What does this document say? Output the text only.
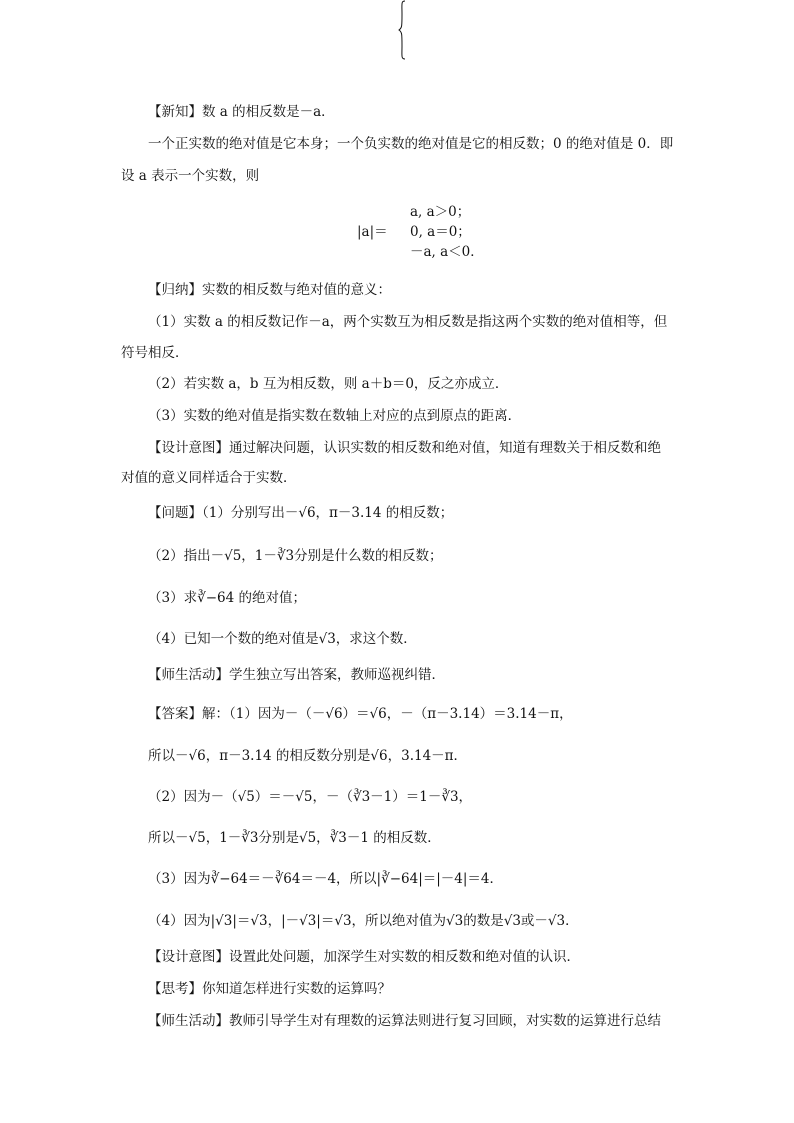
【新知】数 a 的相反数是－a．
一个正实数的绝对值是它本身；一个负实数的绝对值是它的相反数；0 的绝对值是 0．即
设 a 表示一个实数，则
|a|＝
a, a＞0；
0, a＝0；
－a, a＜0．
【归纳】实数的相反数与绝对值的意义：
（1）实数 a 的相反数记作－a，两个实数互为相反数是指这两个实数的绝对值相等，但
符号相反．
（2）若实数 a，b 互为相反数，则 a＋b＝0，反之亦成立．
（3）实数的绝对值是指实数在数轴上对应的点到原点的距离．
【设计意图】通过解决问题，认识实数的相反数和绝对值，知道有理数关于相反数和绝
对值的意义同样适合于实数．
【问题】（1）分别写出－√6，π－3.14 的相反数；
（2）指出－√5，1－∛3分别是什么数的相反数；
（3）求∛−64 的绝对值；
（4）已知一个数的绝对值是√3，求这个数．
【师生活动】学生独立写出答案，教师巡视纠错．
【答案】解：（1）因为－（－√6）＝√6，－（π－3.14）＝3.14－π，
所以－√6，π－3.14 的相反数分别是√6，3.14－π．
（2）因为－（√5）＝－√5，－（∛3－1）＝1－∛3，
所以－√5，1－∛3分别是√5，∛3－1 的相反数．
（3）因为∛−64＝－∛64＝－4，所以|∛−64|＝|－4|＝4．
（4）因为|√3|＝√3，|－√3|＝√3，所以绝对值为√3的数是√3或－√3．
【设计意图】设置此处问题，加深学生对实数的相反数和绝对值的认识．
【思考】你知道怎样进行实数的运算吗？
【师生活动】教师引导学生对有理数的运算法则进行复习回顾，对实数的运算进行总结
